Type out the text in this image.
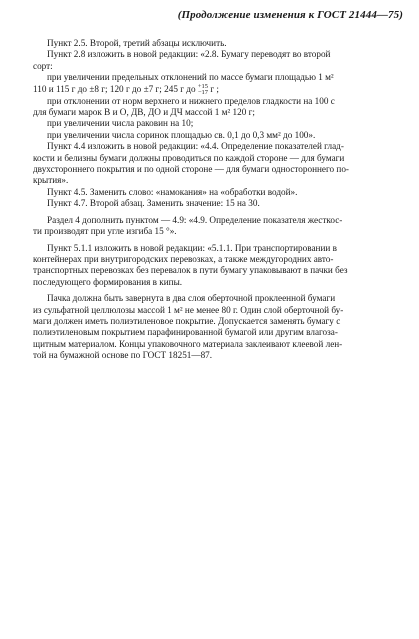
(Продолжение изменения к ГОСТ 21444—75)

Пункт 2.5. Второй, третий абзацы исключить.

Пункт 2.8 изложить в новой редакции: «2.8. Бумагу переводят во второй

сорт:

при увеличении предельных отклонений по массе бумаги площадью 1 м²

110 и 115 г до ±8 г; 120 г до ±7 г; 245 г до +15
−17 г ;

при отклонении от норм верхнего и нижнего пределов гладкости на 100 с

для бумаги марок В и О, ДВ, ДО и ДЧ массой 1 м² 120 г;

при увеличении числа раковин на 10;

при увеличении числа соринок площадью св. 0,1 до 0,3 мм² до 100».

Пункт 4.4 изложить в новой редакции: «4.4. Определение показателей глад-

кости и белизны бумаги должны проводиться по каждой стороне — для бумаги

двухстороннего покрытия и по одной стороне — для бумаги одностороннего по-

крытия».

Пункт 4.5. Заменить слово: «намокания» на «обработки водой».

Пункт 4.7. Второй абзац. Заменить значение: 15 на 30.

Раздел 4 дополнить пунктом — 4.9: «4.9. Определение показателя жесткос-

ти производят при угле изгиба 15 °».

Пункт 5.1.1 изложить в новой редакции: «5.1.1. При транспортировании в

контейнерах при внутригородских перевозках, а также междугородних авто-

транспортных перевозках без перевалок в пути бумагу упаковывают в пачки без

последующего формирования в кипы.

Пачка должна быть завернута в два слоя оберточной проклеенной бумаги

из сульфатной целлюлозы массой 1 м² не менее 80 г. Один слой оберточной бу-

маги должен иметь полиэтиленовое покрытие. Допускается заменять бумагу с

полиэтиленовым покрытием парафинированной бумагой или другим влагоза-

щитным материалом. Концы упаковочного материала заклеивают клеевой лен-

той на бумажной основе по ГОСТ 18251—87.
